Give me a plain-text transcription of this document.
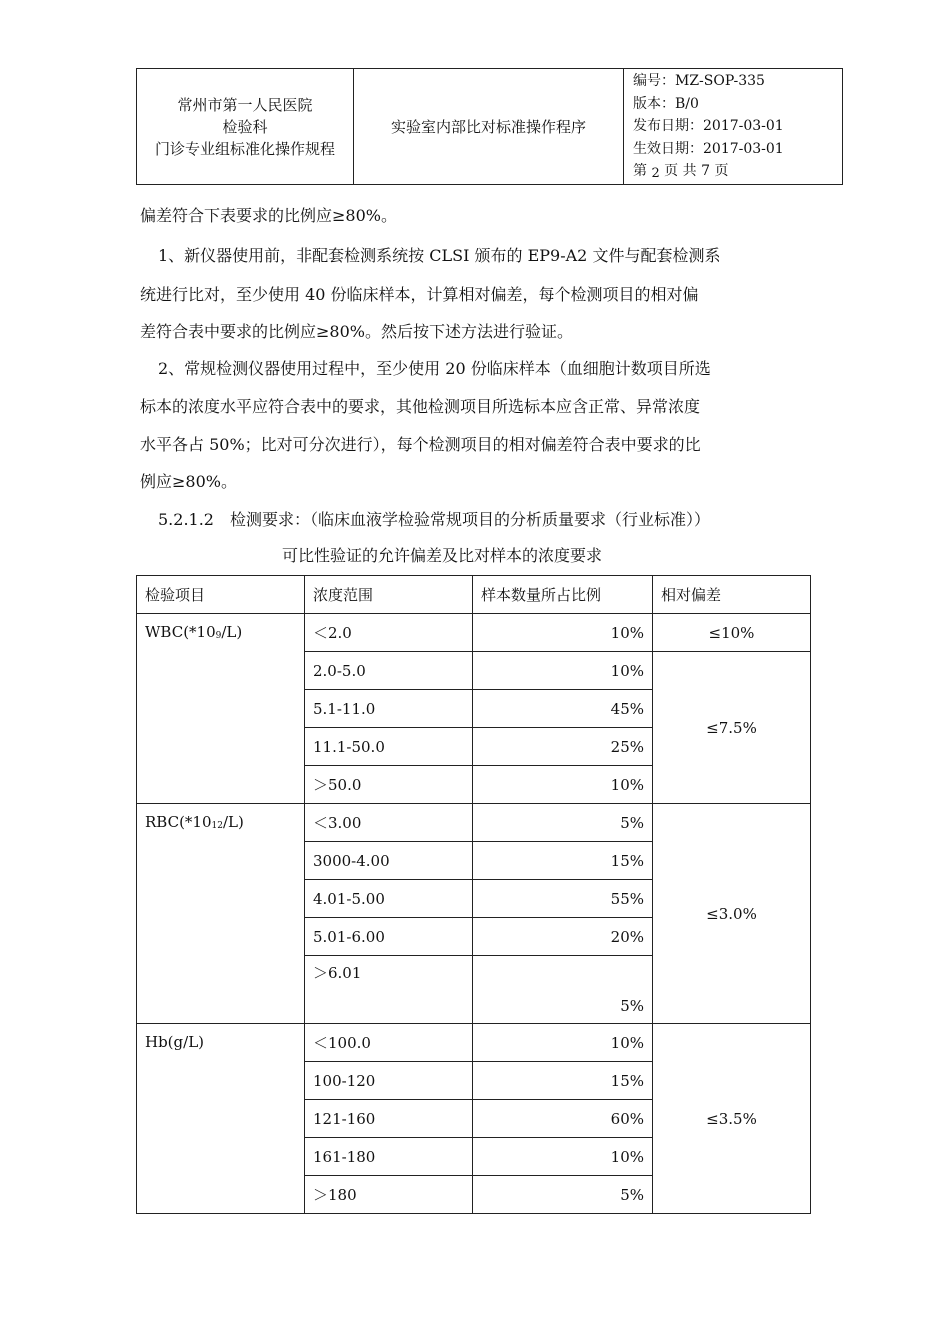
常州市第一人民医院
检验科
门诊专业组标准化操作规程
实验室内部比对标准操作程序
编号：MZ-SOP-335
版本：B/0
发布日期：2017-03-01
生效日期：2017-03-01
第 2 页 共 7 页
偏差符合下表要求的比例应≥80%。
1、新仪器使用前，非配套检测系统按 CLSI 颁布的 EP9-A2 文件与配套检测系
统进行比对，至少使用 40 份临床样本，计算相对偏差，每个检测项目的相对偏
差符合表中要求的比例应≥80%。然后按下述方法进行验证。
2、常规检测仪器使用过程中，至少使用 20 份临床样本（血细胞计数项目所选
标本的浓度水平应符合表中的要求，其他检测项目所选标本应含正常、异常浓度
水平各占 50%；比对可分次进行），每个检测项目的相对偏差符合表中要求的比
例应≥80%。
5.2.1.2　检测要求：（临床血液学检验常规项目的分析质量要求（行业标准））
可比性验证的允许偏差及比对样本的浓度要求
检验项目	浓度范围	样本数量所占比例	相对偏差
$WBC(*10_9/L)$	＜2.0	10%	≤10%
	2.0-5.0	10%	≤7.5%
	5.1-11.0	45%	
	11.1-50.0	25%	
	＞50.0	10%	
$RBC(*10_{12}/L)$	＜3.00	5%	≤3.0%
	3000-4.00	15%	
	4.01-5.00	55%	
	5.01-6.00	20%	
	＞6.01	5%	
Hb(g/L)	＜100.0	10%	≤3.5%
	100-120	15%	
	121-160	60%	
	161-180	10%	
	＞180	5%	
